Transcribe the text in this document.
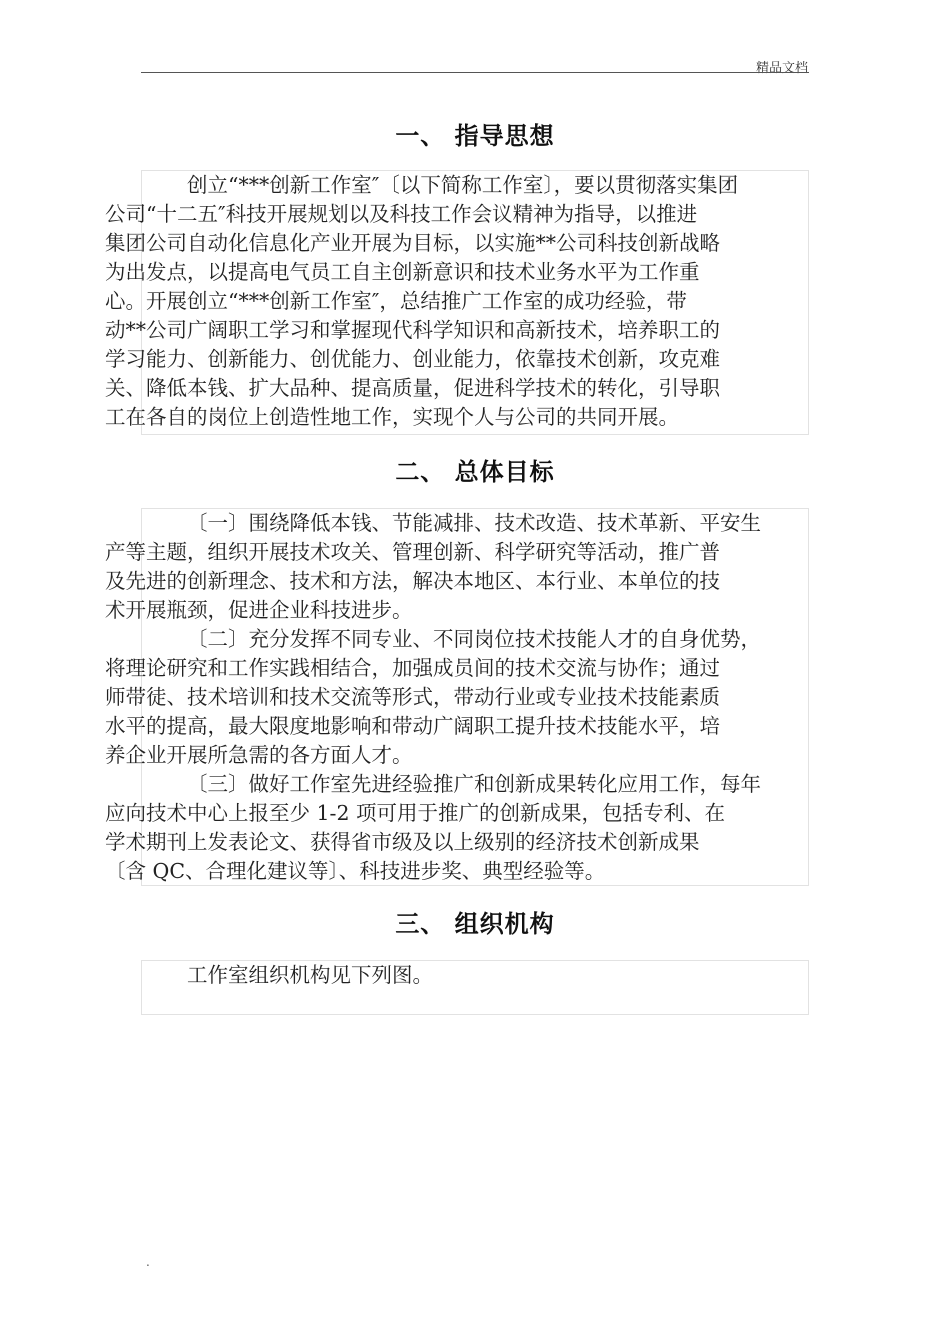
精品文档
一、 指导思想

创立“***创新工作室″〔以下简称工作室〕，要以贯彻落实集团
公司“十二五″科技开展规划以及科技工作会议精神为指导，以推进
集团公司自动化信息化产业开展为目标，以实施**公司科技创新战略
为出发点，以提高电气员工自主创新意识和技术业务水平为工作重
心。开展创立“***创新工作室″，总结推广工作室的成功经验，带
动**公司广阔职工学习和掌握现代科学知识和高新技术，培养职工的
学习能力、创新能力、创优能力、创业能力，依靠技术创新，攻克难
关、降低本钱、扩大品种、提高质量，促进科学技术的转化，引导职
工在各自的岗位上创造性地工作，实现个人与公司的共同开展。

二、 总体目标

〔一〕围绕降低本钱、节能减排、技术改造、技术革新、平安生
产等主题，组织开展技术攻关、管理创新、科学研究等活动，推广普
及先进的创新理念、技术和方法，解决本地区、本行业、本单位的技
术开展瓶颈，促进企业科技进步。

〔二〕充分发挥不同专业、不同岗位技术技能人才的自身优势，
将理论研究和工作实践相结合，加强成员间的技术交流与协作；通过
师带徒、技术培训和技术交流等形式，带动行业或专业技术技能素质
水平的提高，最大限度地影响和带动广阔职工提升技术技能水平，培
养企业开展所急需的各方面人才。

〔三〕做好工作室先进经验推广和创新成果转化应用工作，每年
应向技术中心上报至少 1-2 项可用于推广的创新成果，包括专利、在
学术期刊上发表论文、获得省市级及以上级别的经济技术创新成果
〔含 QC、合理化建议等〕、科技进步奖、典型经验等。

三、 组织机构

工作室组织机构见下列图。

.
